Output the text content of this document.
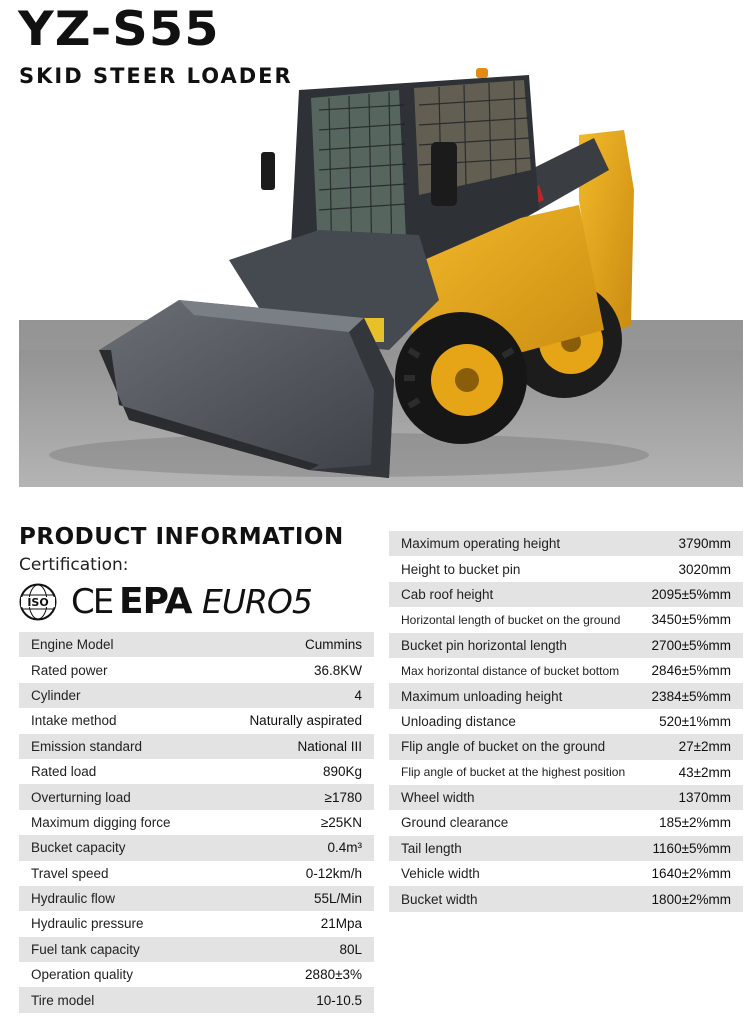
YZ-S55
SKID STEER LOADER
PRODUCT INFORMATION
Certification:
ISO CE EPA EURO5
Engine Model	Cummins
Rated power	36.8KW
Cylinder	4
Intake method	Naturally aspirated
Emission standard	National III
Rated load	890Kg
Overturning load	≥1780
Maximum digging force	≥25KN
Bucket capacity	0.4m³
Travel speed	0-12km/h
Hydraulic flow	55L/Min
Hydraulic pressure	21Mpa
Fuel tank capacity	80L
Operation quality	2880±3%
Tire model	10-10.5
Maximum operating height	3790mm
Height to bucket pin	3020mm
Cab roof height	2095±5%mm
Horizontal length of bucket on the ground 3450±5%mm
Bucket pin horizontal length	2700±5%mm
Max horizontal distance of bucket bottom 2846±5%mm
Maximum unloading height	2384±5%mm
Unloading distance	520±1%mm
Flip angle of bucket on the ground	27±2mm
Flip angle of bucket at the highest position	43±2mm
Wheel width	1370mm
Ground clearance	185±2%mm
Tail length	1160±5%mm
Vehicle width	1640±2%mm
Bucket width	1800±2%mm
